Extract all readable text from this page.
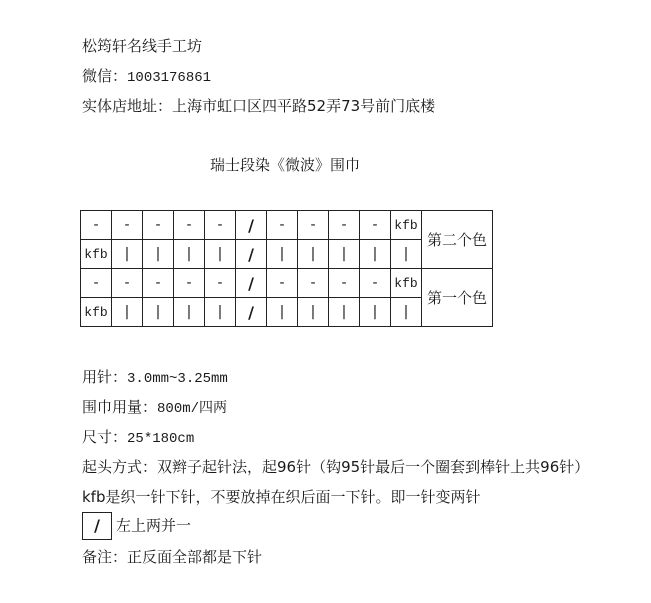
松筠轩名线手工坊
微信：1003176861
实体店地址：上海市虹口区四平路52弄73号前门底楼
瑞士段染《微波》围巾
-	-	-	-	-	/	-	-	-	-	kfb	第二个色
kfb	|	|	|	|	/	|	|	|	|	|	
-	-	-	-	-	/	-	-	-	-	kfb	第一个色
kfb	|	|	|	|	/	|	|	|	|	|	
用针：3.0mm~3.25mm
围巾用量：800m/四两
尺寸：25*180cm
起头方式：双辫子起针法，起96针（钩95针最后一个圈套到棒针上共96针）
kfb是织一针下针，不要放掉在织后面一下针。即一针变两针
/ 左上两并一
备注：正反面全部都是下针
